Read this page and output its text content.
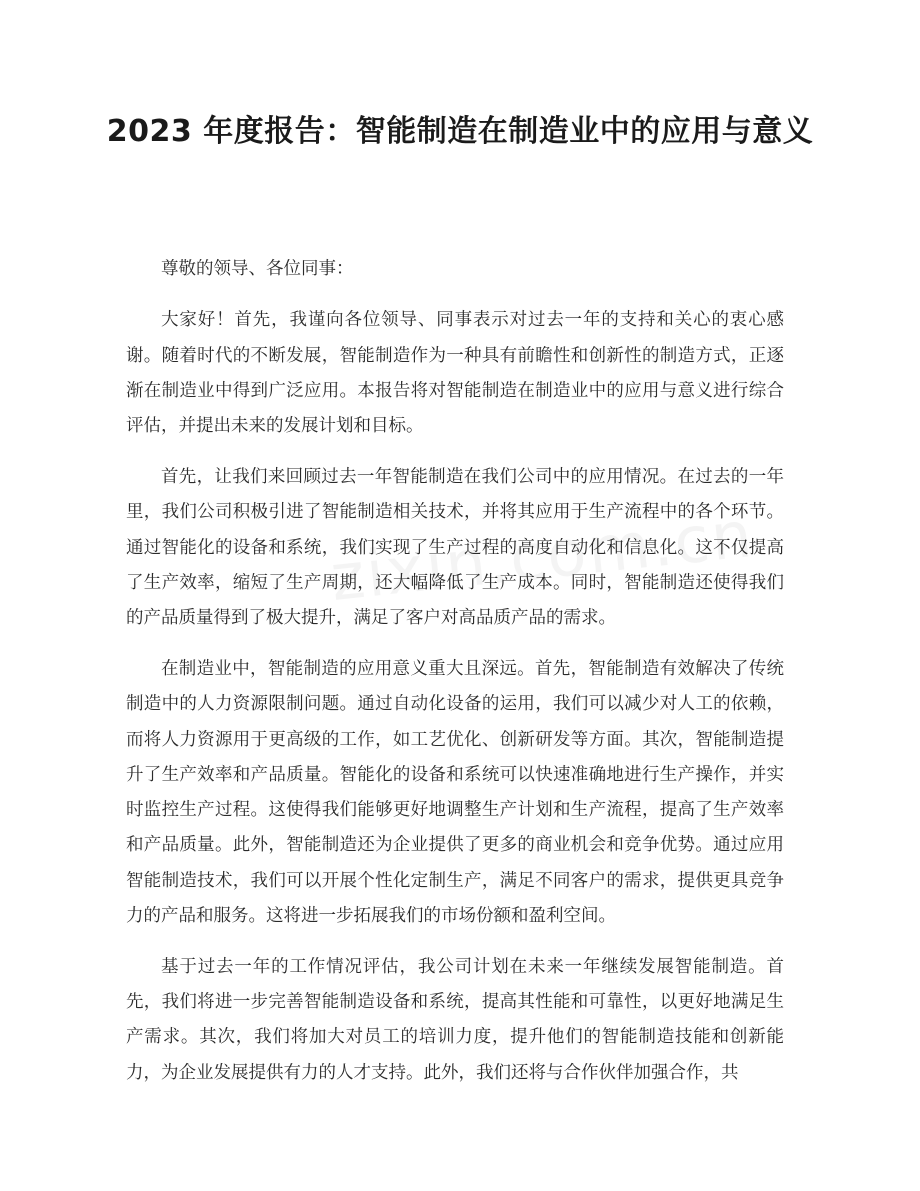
2023 年度报告：智能制造在制造业中的应用与意义

尊敬的领导、各位同事：

大家好！首先，我谨向各位领导、同事表示对过去一年的支持和关心的衷心感谢。随着时代的不断发展，智能制造作为一种具有前瞻性和创新性的制造方式，正逐渐在制造业中得到广泛应用。本报告将对智能制造在制造业中的应用与意义进行综合评估，并提出未来的发展计划和目标。

首先，让我们来回顾过去一年智能制造在我们公司中的应用情况。在过去的一年里，我们公司积极引进了智能制造相关技术，并将其应用于生产流程中的各个环节。通过智能化的设备和系统，我们实现了生产过程的高度自动化和信息化。这不仅提高了生产效率，缩短了生产周期，还大幅降低了生产成本。同时，智能制造还使得我们的产品质量得到了极大提升，满足了客户对高品质产品的需求。

在制造业中，智能制造的应用意义重大且深远。首先，智能制造有效解决了传统制造中的人力资源限制问题。通过自动化设备的运用，我们可以减少对人工的依赖，而将人力资源用于更高级的工作，如工艺优化、创新研发等方面。其次，智能制造提升了生产效率和产品质量。智能化的设备和系统可以快速准确地进行生产操作，并实时监控生产过程。这使得我们能够更好地调整生产计划和生产流程，提高了生产效率和产品质量。此外，智能制造还为企业提供了更多的商业机会和竞争优势。通过应用智能制造技术，我们可以开展个性化定制生产，满足不同客户的需求，提供更具竞争力的产品和服务。这将进一步拓展我们的市场份额和盈利空间。

基于过去一年的工作情况评估，我公司计划在未来一年继续发展智能制造。首先，我们将进一步完善智能制造设备和系统，提高其性能和可靠性，以更好地满足生产需求。其次，我们将加大对员工的培训力度，提升他们的智能制造技能和创新能力，为企业发展提供有力的人才支持。此外，我们还将与合作伙伴加强合作，共
